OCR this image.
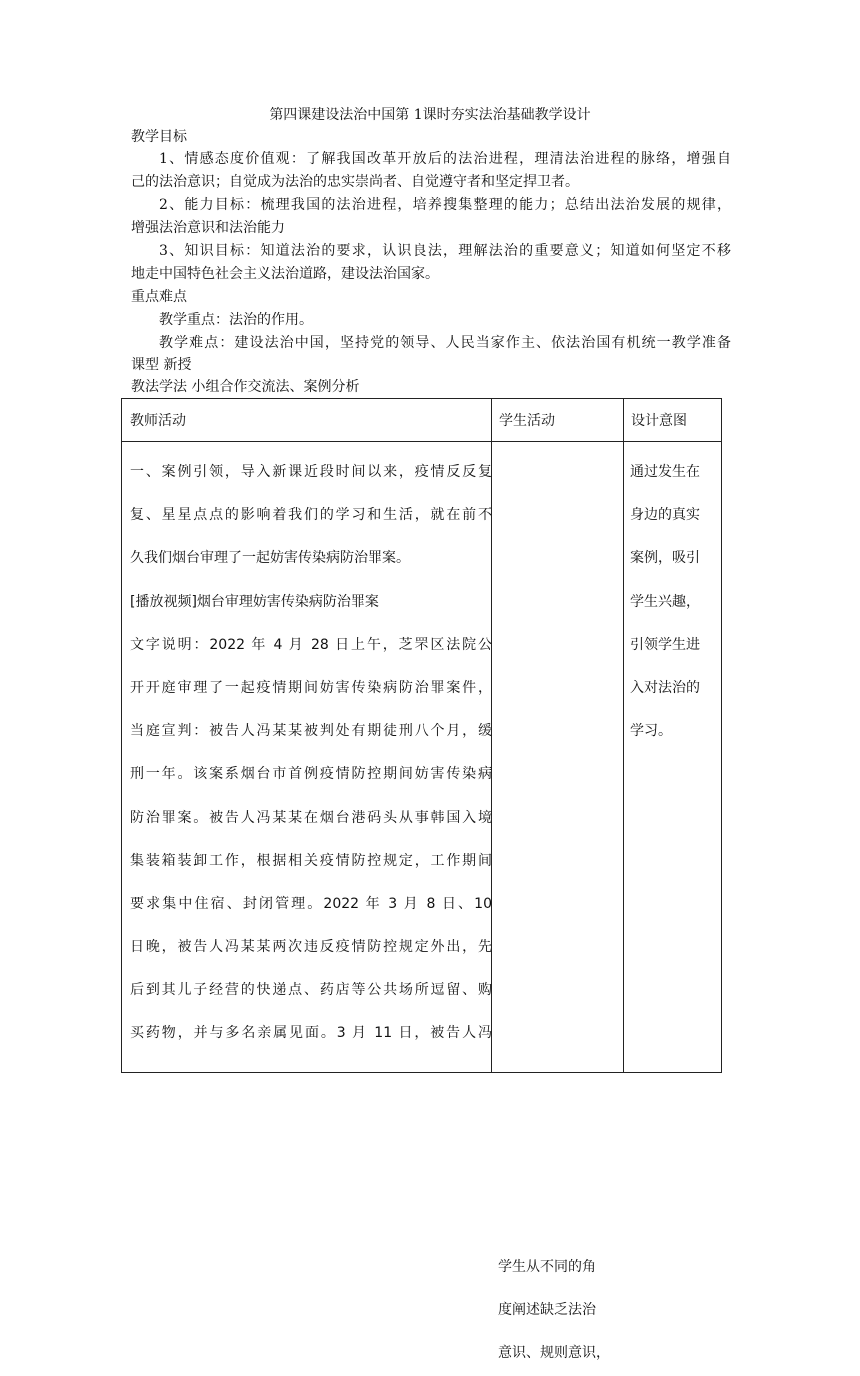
第四课建设法治中国第 1课时夯实法治基础教学设计
教学目标
1、情感态度价值观：了解我国改革开放后的法治进程，理清法治进程的脉络，增强自
己的法治意识；自觉成为法治的忠实崇尚者、自觉遵守者和坚定捍卫者。
2、能力目标：梳理我国的法治进程，培养搜集整理的能力；总结出法治发展的规律，
增强法治意识和法治能力
3、知识目标：知道法治的要求，认识良法，理解法治的重要意义；知道如何坚定不移
地走中国特色社会主义法治道路，建设法治国家。
重点难点
教学重点：法治的作用。
教学难点：建设法治中国，坚持党的领导、人民当家作主、依法治国有机统一教学准备
课型 新授
教法学法 小组合作交流法、案例分析
教师活动	学生活动	设计意图

一、案例引领，导入新课近段时间以来，疫情反反复

复、星星点点的影响着我们的学习和生活，就在前不

久我们烟台审理了一起妨害传染病防治罪案。

[播放视频]烟台审理妨害传染病防治罪案

文字说明：2022 年 4 月 28 日上午，芝罘区法院公

开开庭审理了一起疫情期间妨害传染病防治罪案件，

当庭宣判：被告人冯某某被判处有期徒刑八个月，缓

刑一年。该案系烟台市首例疫情防控期间妨害传染病

防治罪案。被告人冯某某在烟台港码头从事韩国入境

集装箱装卸工作，根据相关疫情防控规定，工作期间

要求集中住宿、封闭管理。2022 年 3 月 8 日、10

日晚，被告人冯某某两次违反疫情防控规定外出，先

后到其儿子经营的快递点、药店等公共场所逗留、购

买药物，并与多名亲属见面。3 月 11 日，被告人冯

学生从不同的角

度阐述缺乏法治

意识、规则意识，

通过发生在

身边的真实

案例，吸引

学生兴趣，

引领学生进

入对法治的

学习。
